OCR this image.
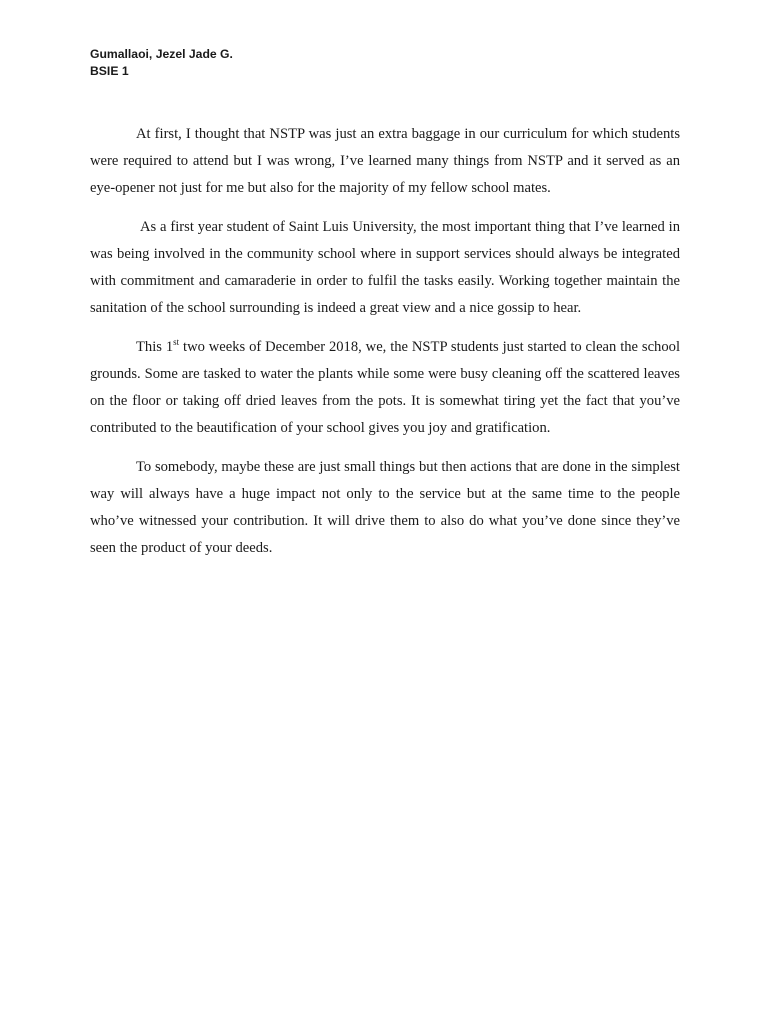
Gumallaoi, Jezel Jade G.

BSIE 1

At first, I thought that NSTP was just an extra baggage in our curriculum for which students were required to attend but I was wrong, I’ve learned many things from NSTP and it served as an eye-opener not just for me but also for the majority of my fellow school mates.

As a first year student of Saint Luis University, the most important thing that I’ve learned in was being involved in the community school where in support services should always be integrated with commitment and camaraderie in order to fulfil the tasks easily. Working together maintain the sanitation of the school surrounding is indeed a great view and a nice gossip to hear.

This 1st two weeks of December 2018, we, the NSTP students just started to clean the school grounds. Some are tasked to water the plants while some were busy cleaning off the scattered leaves on the floor or taking off dried leaves from the pots. It is somewhat tiring yet the fact that you’ve contributed to the beautification of your school gives you joy and gratification.

To somebody, maybe these are just small things but then actions that are done in the simplest way will always have a huge impact not only to the service but at the same time to the people who’ve witnessed your contribution. It will drive them to also do what you’ve done since they’ve seen the product of your deeds.
